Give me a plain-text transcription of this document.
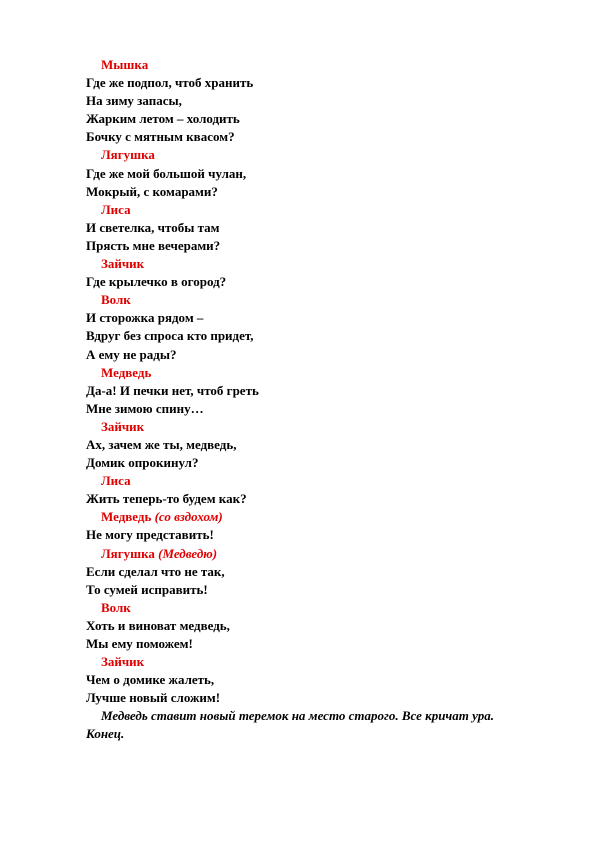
Мышка
Где же подпол, чтоб хранить
На зиму запасы,
Жарким летом – холодить
Бочку с мятным квасом?
Лягушка
Где же мой большой чулан,
Мокрый, с комарами?
Лиса
И светелка, чтобы там
Прясть мне вечерами?
Зайчик
Где крылечко в огород?
Волк
И сторожка рядом –
Вдруг без спроса кто придет,
А ему не рады?
Медведь
Да-а! И печки нет, чтоб греть
Мне зимою спину…
Зайчик
Ах, зачем же ты, медведь,
Домик опрокинул?
Лиса
Жить теперь-то будем как?
Медведь (со вздохом)
Не могу представить!
Лягушка (Медведю)
Если сделал что не так,
То сумей исправить!
Волк
Хоть и виноват медведь,
Мы ему поможем!
Зайчик
Чем о домике жалеть,
Лучше новый сложим!
Медведь ставит новый теремок на место старого. Все кричат ура.
Конец.
